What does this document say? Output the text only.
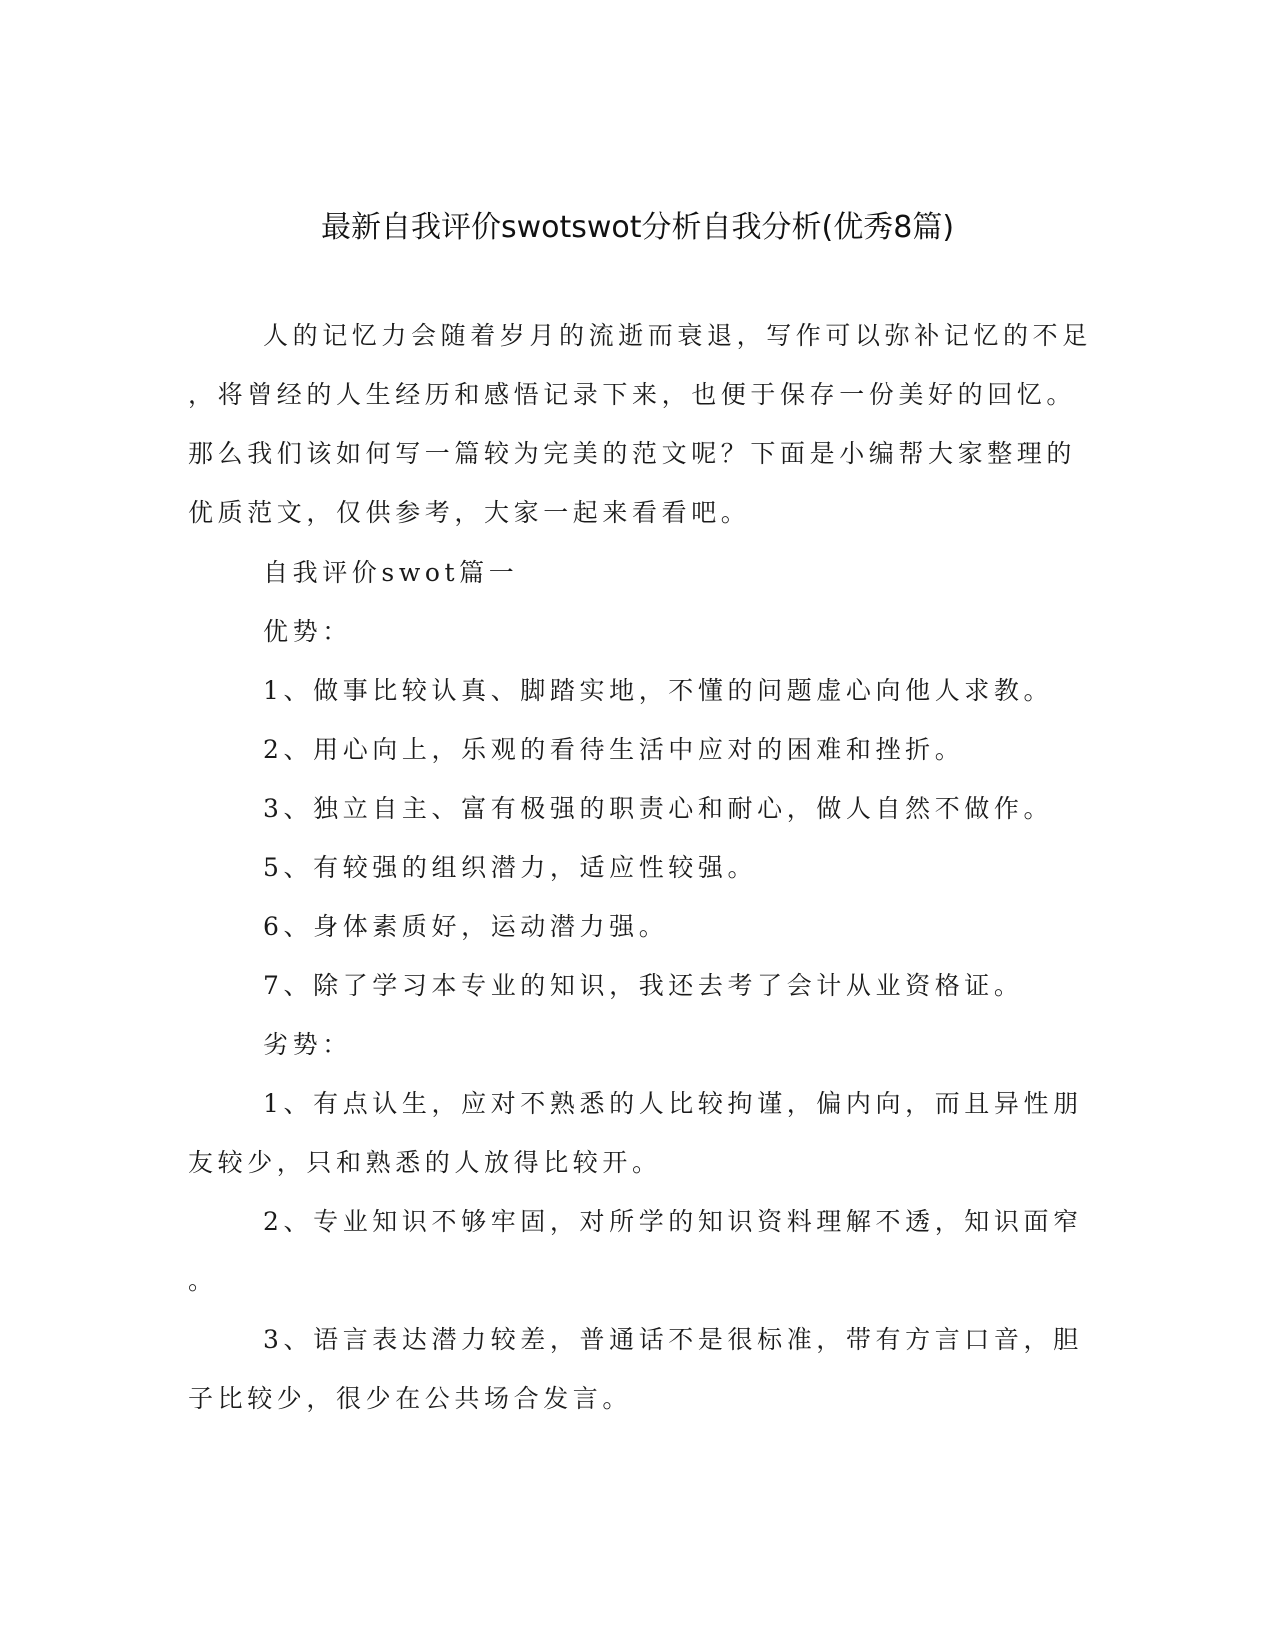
最新自我评价swotswot分析自我分析(优秀8篇)
人的记忆力会随着岁月的流逝而衰退，写作可以弥补记忆的不足
，将曾经的人生经历和感悟记录下来，也便于保存一份美好的回忆。
那么我们该如何写一篇较为完美的范文呢？下面是小编帮大家整理的
优质范文，仅供参考，大家一起来看看吧。
自我评价swot篇一
优势：
1、做事比较认真、脚踏实地，不懂的问题虚心向他人求教。
2、用心向上，乐观的看待生活中应对的困难和挫折。
3、独立自主、富有极强的职责心和耐心，做人自然不做作。
5、有较强的组织潜力，适应性较强。
6、身体素质好，运动潜力强。
7、除了学习本专业的知识，我还去考了会计从业资格证。
劣势：
1、有点认生，应对不熟悉的人比较拘谨，偏内向，而且异性朋
友较少，只和熟悉的人放得比较开。
2、专业知识不够牢固，对所学的知识资料理解不透，知识面窄
。
3、语言表达潜力较差，普通话不是很标准，带有方言口音，胆
子比较少，很少在公共场合发言。
